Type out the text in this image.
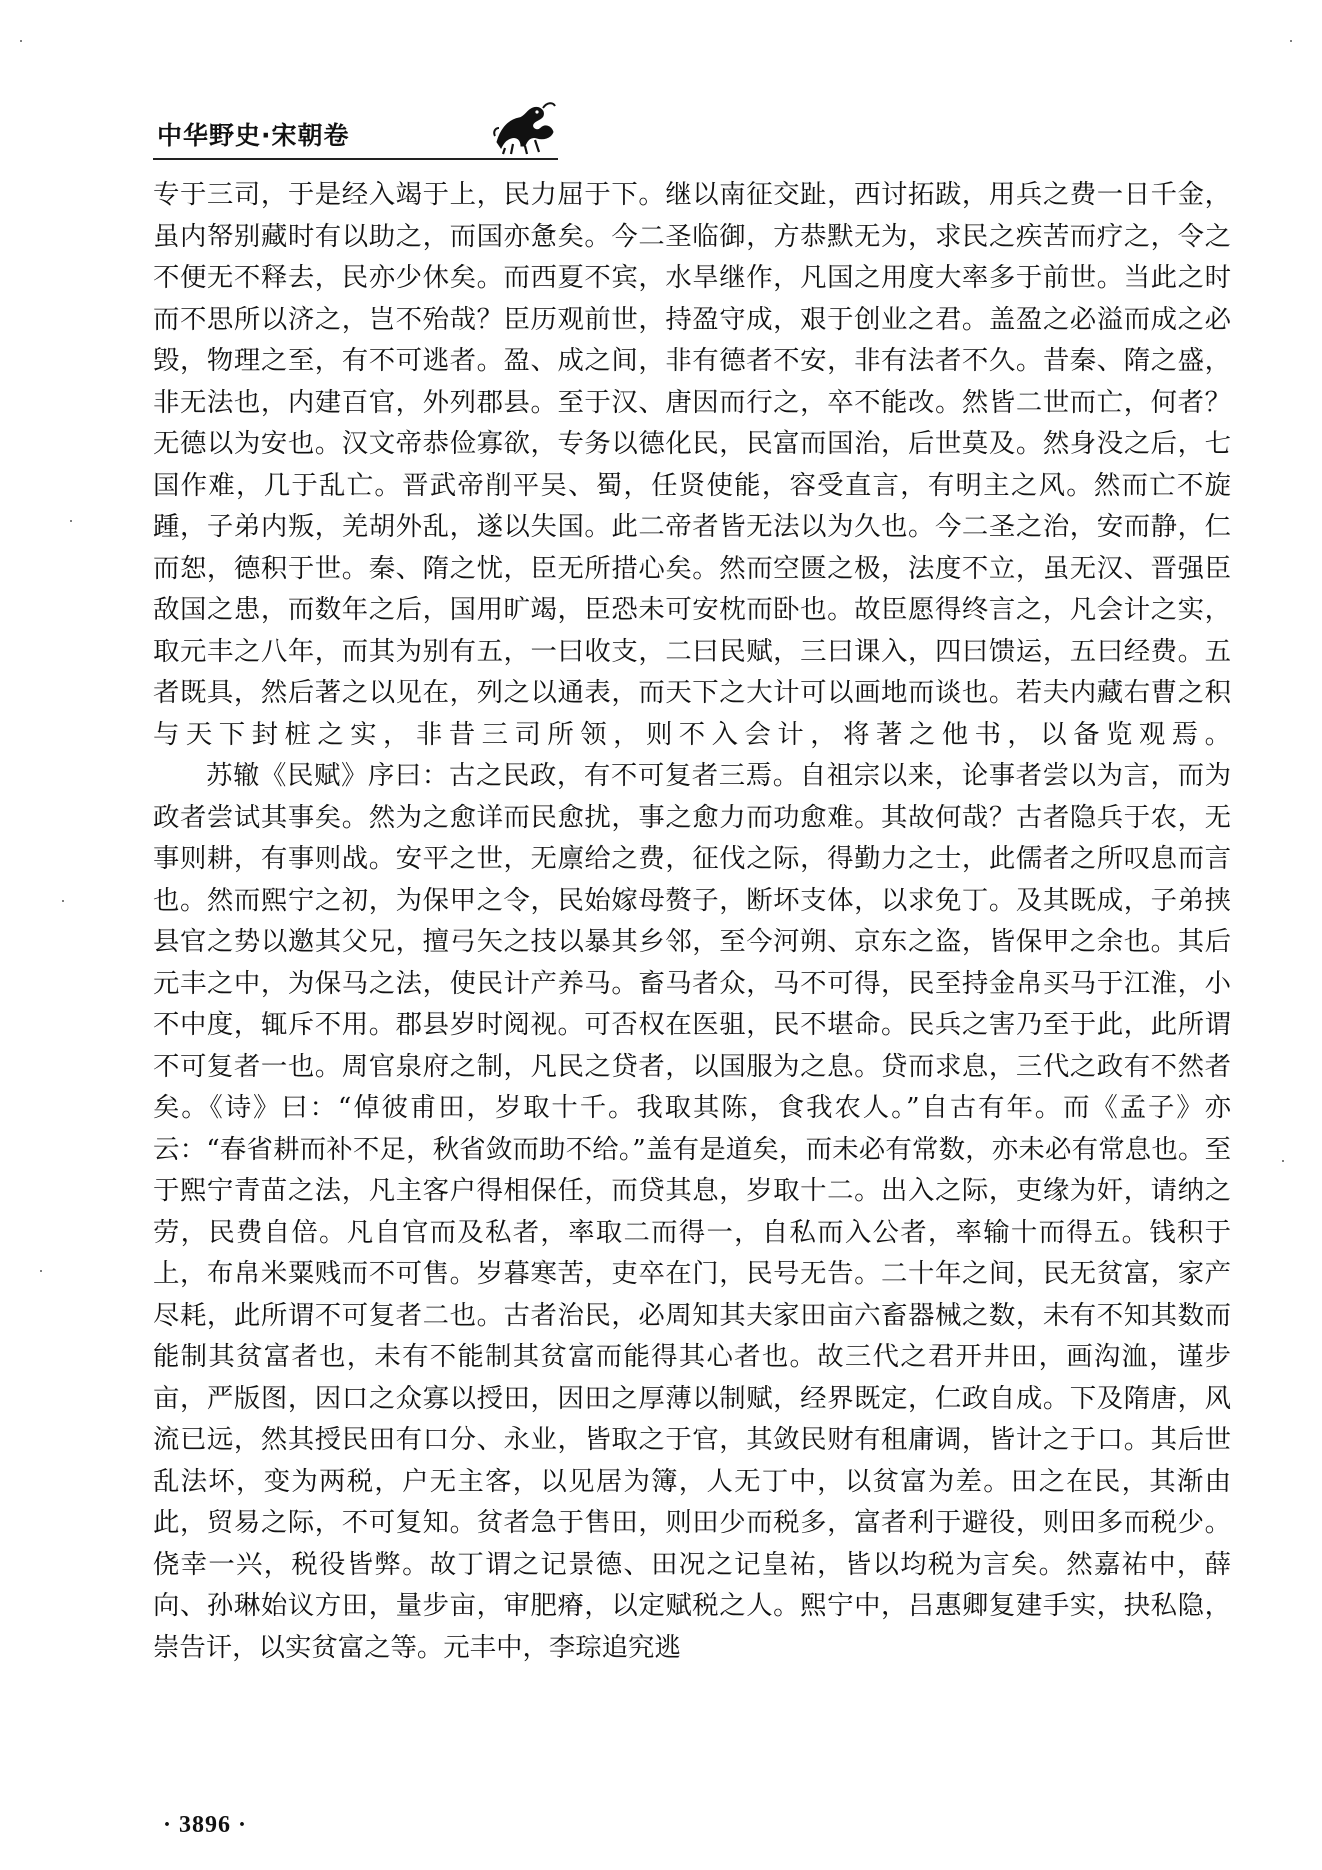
中华野史·宋朝卷

专于三司，于是经入竭于上，民力屈于下。继以南征交趾，西讨拓跋，用兵之费一日千金，虽内帑别藏时有以助之，而国亦惫矣。今二圣临御，方恭默无为，求民之疾苦而疗之，令之不便无不释去，民亦少休矣。而西夏不宾，水旱继作，凡国之用度大率多于前世。当此之时而不思所以济之，岂不殆哉？臣历观前世，持盈守成，艰于创业之君。盖盈之必溢而成之必毁，物理之至，有不可逃者。盈、成之间，非有德者不安，非有法者不久。昔秦、隋之盛，非无法也，内建百官，外列郡县。至于汉、唐因而行之，卒不能改。然皆二世而亡，何者？无德以为安也。汉文帝恭俭寡欲，专务以德化民，民富而国治，后世莫及。然身没之后，七国作难，几于乱亡。晋武帝削平吴、蜀，任贤使能，容受直言，有明主之风。然而亡不旋踵，子弟内叛，羌胡外乱，遂以失国。此二帝者皆无法以为久也。今二圣之治，安而静，仁而恕，德积于世。秦、隋之忧，臣无所措心矣。然而空匮之极，法度不立，虽无汉、晋强臣敌国之患，而数年之后，国用旷竭，臣恐未可安枕而卧也。故臣愿得终言之，凡会计之实，取元丰之八年，而其为别有五，一曰收支，二曰民赋，三曰课入，四曰馈运，五曰经费。五者既具，然后著之以见在，列之以通表，而天下之大计可以画地而谈也。若夫内藏右曹之积与天下封桩之实，非昔三司所领，则不入会计，将著之他书，以备览观焉。

苏辙《民赋》序曰：古之民政，有不可复者三焉。自祖宗以来，论事者尝以为言，而为政者尝试其事矣。然为之愈详而民愈扰，事之愈力而功愈难。其故何哉？古者隐兵于农，无事则耕，有事则战。安平之世，无廪给之费，征伐之际，得勤力之士，此儒者之所叹息而言也。然而熙宁之初，为保甲之令，民始嫁母赘子，断坏支体，以求免丁。及其既成，子弟挟县官之势以邀其父兄，擅弓矢之技以暴其乡邻，至今河朔、京东之盗，皆保甲之余也。其后元丰之中，为保马之法，使民计产养马。畜马者众，马不可得，民至持金帛买马于江淮，小不中度，辄斥不用。郡县岁时阅视。可否权在医驵，民不堪命。民兵之害乃至于此，此所谓不可复者一也。周官泉府之制，凡民之贷者，以国服为之息。贷而求息，三代之政有不然者矣。《诗》曰：“倬彼甫田，岁取十千。我取其陈，食我农人。”自古有年。而《孟子》亦云：“春省耕而补不足，秋省敛而助不给。”盖有是道矣，而未必有常数，亦未必有常息也。至于熙宁青苗之法，凡主客户得相保任，而贷其息，岁取十二。出入之际，吏缘为奸，请纳之劳，民费自倍。凡自官而及私者，率取二而得一，自私而入公者，率输十而得五。钱积于上，布帛米粟贱而不可售。岁暮寒苦，吏卒在门，民号无告。二十年之间，民无贫富，家产尽耗，此所谓不可复者二也。古者治民，必周知其夫家田亩六畜器械之数，未有不知其数而能制其贫富者也，未有不能制其贫富而能得其心者也。故三代之君开井田，画沟洫，谨步亩，严版图，因口之众寡以授田，因田之厚薄以制赋，经界既定，仁政自成。下及隋唐，风流已远，然其授民田有口分、永业，皆取之于官，其敛民财有租庸调，皆计之于口。其后世乱法坏，变为两税，户无主客，以见居为簿，人无丁中，以贫富为差。田之在民，其渐由此，贸易之际，不可复知。贫者急于售田，则田少而税多，富者利于避役，则田多而税少。侥幸一兴，税役皆弊。故丁谓之记景德、田况之记皇祐，皆以均税为言矣。然嘉祐中，薛向、孙琳始议方田，量步亩，审肥瘠，以定赋税之人。熙宁中，吕惠卿复建手实，抉私隐，崇告讦，以实贫富之等。元丰中，李琮追究逃

· 3896 ·
